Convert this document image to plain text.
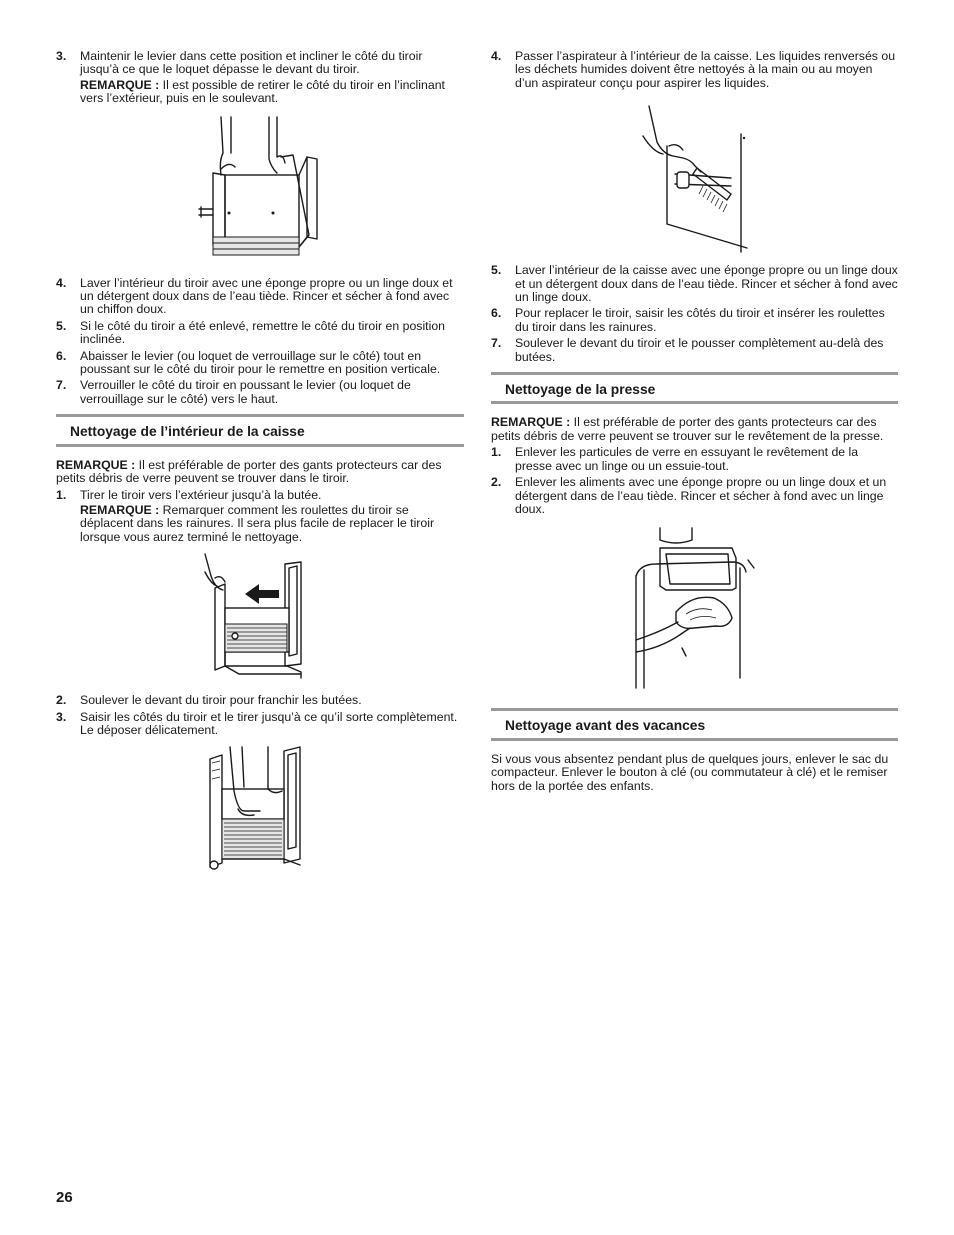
3.	Maintenir le levier dans cette position et incliner le côté du tiroir jusqu’à ce que le loquet dépasse le devant du tiroir.
REMARQUE : Il est possible de retirer le côté du tiroir en l’inclinant vers l’extérieur, puis en le soulevant.
4.	Laver l’intérieur du tiroir avec une éponge propre ou un linge doux et un détergent doux dans de l’eau tiède. Rincer et sécher à fond avec un chiffon doux.
5.	Si le côté du tiroir a été enlevé, remettre le côté du tiroir en position inclinée.
6.	Abaisser le levier (ou loquet de verrouillage sur le côté) tout en poussant sur le côté du tiroir pour le remettre en position verticale.
7.	Verrouiller le côté du tiroir en poussant le levier (ou loquet de verrouillage sur le côté) vers le haut.
Nettoyage de l’intérieur de la caisse
REMARQUE : Il est préférable de porter des gants protecteurs car des petits débris de verre peuvent se trouver dans le tiroir.
1.	Tirer le tiroir vers l’extérieur jusqu’à la butée.
REMARQUE : Remarquer comment les roulettes du tiroir se déplacent dans les rainures. Il sera plus facile de replacer le tiroir lorsque vous aurez terminé le nettoyage.
2.	Soulever le devant du tiroir pour franchir les butées.
3.	Saisir les côtés du tiroir et le tirer jusqu’à ce qu’il sorte complètement. Le déposer délicatement.
4.	Passer l’aspirateur à l’intérieur de la caisse. Les liquides renversés ou les déchets humides doivent être nettoyés à la main ou au moyen d’un aspirateur conçu pour aspirer les liquides.
5.	Laver l’intérieur de la caisse avec une éponge propre ou un linge doux et un détergent doux dans de l’eau tiède. Rincer et sécher à fond avec un linge doux.
6.	Pour replacer le tiroir, saisir les côtés du tiroir et insérer les roulettes du tiroir dans les rainures.
7.	Soulever le devant du tiroir et le pousser complètement au-delà des butées.
Nettoyage de la presse
REMARQUE : Il est préférable de porter des gants protecteurs car des petits débris de verre peuvent se trouver sur le revêtement de la presse.
1.	Enlever les particules de verre en essuyant le revêtement de la presse avec un linge ou un essuie-tout.
2.	Enlever les aliments avec une éponge propre ou un linge doux et un détergent dans de l’eau tiède. Rincer et sécher à fond avec un linge doux.
Nettoyage avant des vacances
Si vous vous absentez pendant plus de quelques jours, enlever le sac du compacteur. Enlever le bouton à clé (ou commutateur à clé) et le remiser hors de la portée des enfants.
26
